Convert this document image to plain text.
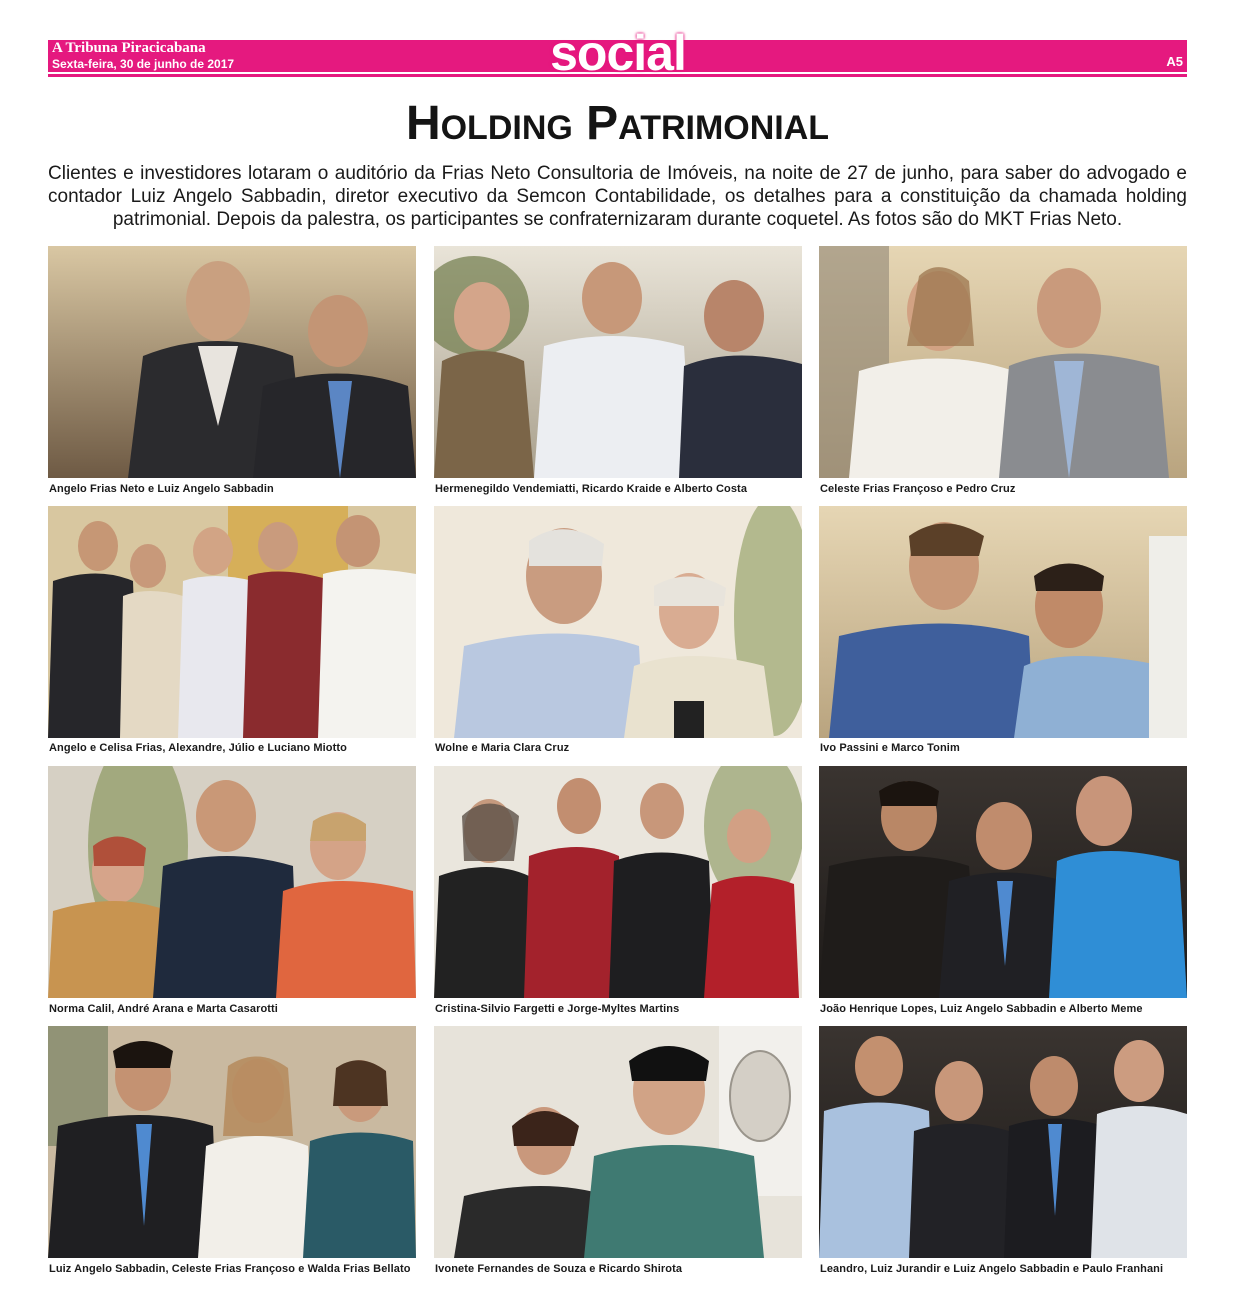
A Tribuna Piracicabana
Sexta-feira, 30 de junho de 2017	social	A5
Holding Patrimonial
Clientes e investidores lotaram o auditório da Frias Neto Consultoria de Imóveis, na noite de 27 de junho, para saber do advogado e contador Luiz Angelo Sabbadin, diretor executivo da Semcon Contabilidade, os detalhes para a constituição da chamada holding patrimonial. Depois da palestra, os participantes se confraternizaram durante coquetel. As fotos são do MKT Frias Neto.
Angelo Frias Neto e Luiz Angelo Sabbadin	Hermenegildo Vendemiatti, Ricardo Kraide e Alberto Costa	Celeste Frias Françoso e Pedro Cruz
Angelo e Celisa Frias, Alexandre, Júlio e Luciano Miotto	Wolne e Maria Clara Cruz	Ivo Passini e Marco Tonim
Norma Calil, André Arana e Marta Casarotti	Cristina-Silvio Fargetti e Jorge-Myltes Martins	João Henrique Lopes, Luiz Angelo Sabbadin e Alberto Meme
Luiz Angelo Sabbadin, Celeste Frias Françoso e Walda Frias Bellato	Ivonete Fernandes de Souza e Ricardo Shirota	Leandro, Luiz Jurandir e Luiz Angelo Sabbadin e Paulo Franhani
